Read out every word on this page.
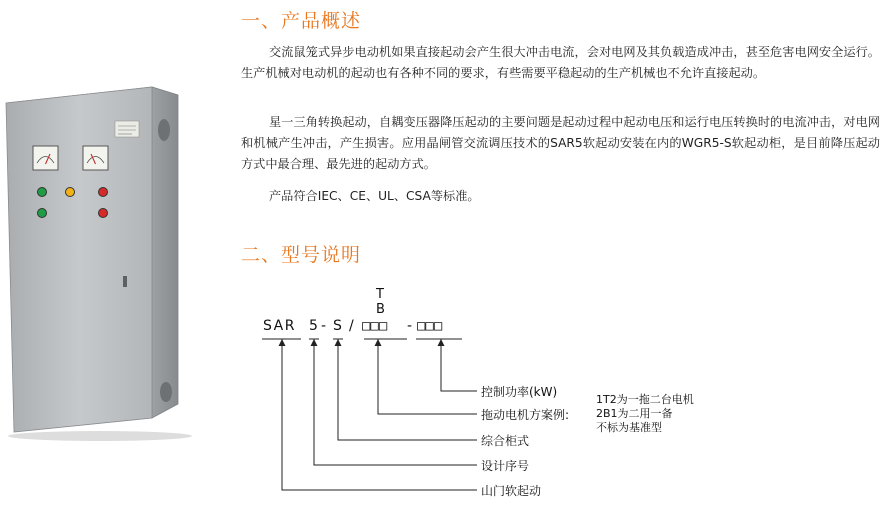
一、产品概述
交流鼠笼式异步电动机如果直接起动会产生很大冲击电流，会对电网及其负载造成冲击，甚至危害电网安全运行。生产机械对电动机的起动也有各种不同的要求，有些需要平稳起动的生产机械也不允许直接起动。
星一三角转换起动，自耦变压器降压起动的主要问题是起动过程中起动电压和运行电压转换时的电流冲击，对电网和机械产生冲击，产生损害。应用晶闸管交流调压技术的SAR5软起动安装在内的WGR5-S软起动柜，是目前降压起动方式中最合理、最先进的起动方式。
产品符合IEC、CE、UL、CSA等标准。
二、型号说明
SAR 5 - S / □□□ - □□□
T
B
控制功率(kW)
拖动电机方案例:
综合柜式
设计序号
山门软起动
1T2为一拖二台电机
2B1为二用一备
不标为基准型
